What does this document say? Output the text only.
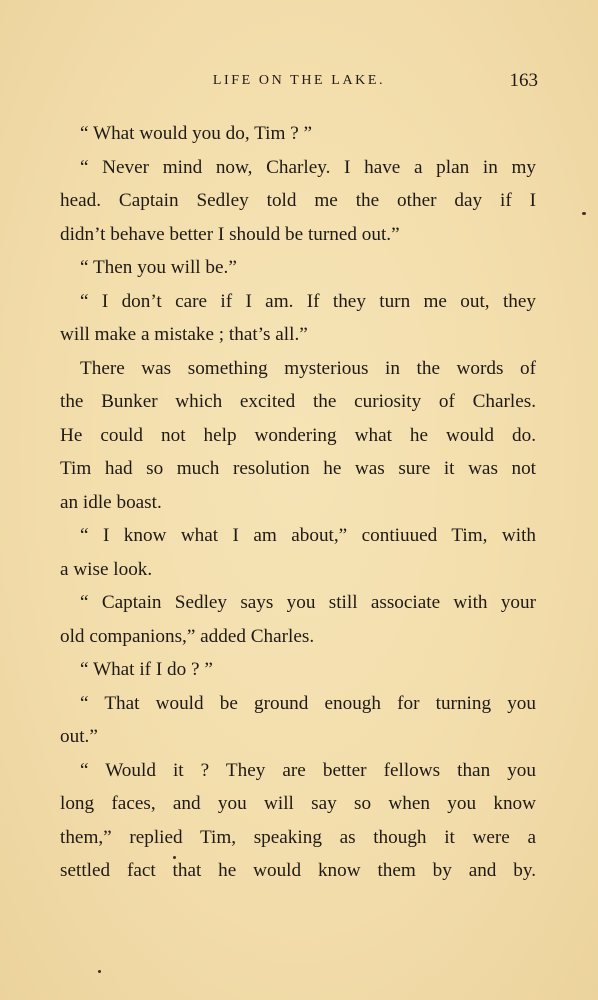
LIFE ON THE LAKE.	163
“ What would you do, Tim ? ”
“ Never mind now, Charley. I have a plan in my
head. Captain Sedley told me the other day if I
didn’t behave better I should be turned out.”
“ Then you will be.”
“ I don’t care if I am. If they turn me out, they
will make a mistake ; that’s all.”
There was something mysterious in the words of
the Bunker which excited the curiosity of Charles.
He could not help wondering what he would do.
Tim had so much resolution he was sure it was not
an idle boast.
“ I know what I am about,” contiuued Tim, with
a wise look.
“ Captain Sedley says you still associate with your
old companions,” added Charles.
“ What if I do ? ”
“ That would be ground enough for turning you
out.”
“ Would it ? They are better fellows than you
long faces, and you will say so when you know
them,” replied Tim, speaking as though it were a
settled fact that he would know them by and by.
